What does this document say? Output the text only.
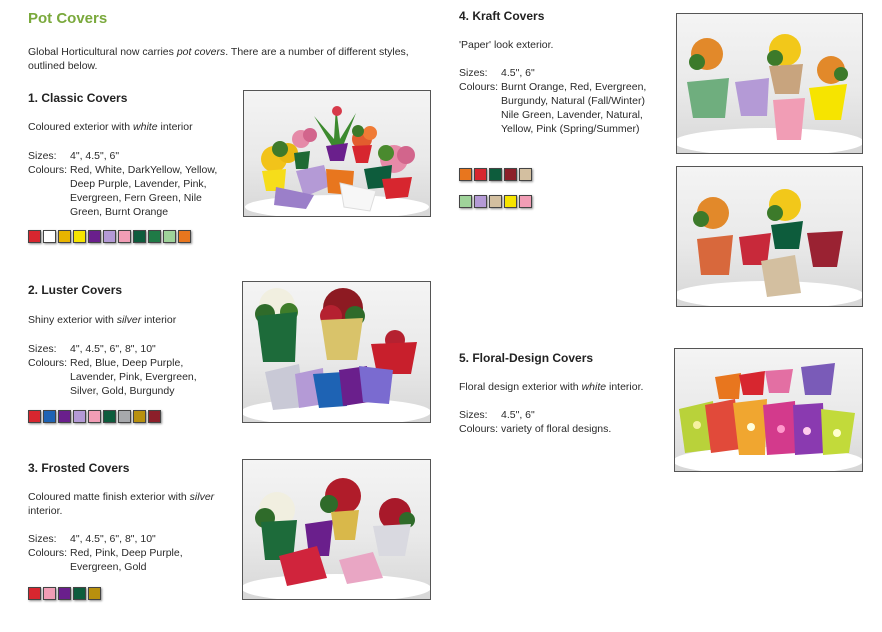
Pot Covers
Global Horticultural now carries pot covers. There are a number of different styles, outlined below.
1. Classic Covers
Coloured exterior with white interior
Sizes:	4", 4.5", 6"
Colours: Red, White, DarkYellow, Yellow, Deep Purple, Lavender, Pink, Evergreen, Fern Green, Nile Green, Burnt Orange
2. Luster Covers
Shiny exterior with silver interior
Sizes:	4", 4.5", 6", 8", 10"
Colours: Red, Blue, Deep Purple, Lavender, Pink, Evergreen, Silver, Gold, Burgundy
3. Frosted Covers
Coloured matte finish exterior with silver interior.
Sizes:	4", 4.5", 6", 8", 10"
Colours: Red, Pink, Deep Purple, Evergreen, Gold
4. Kraft Covers
'Paper' look exterior.
Sizes:	4.5", 6"
Colours: Burnt Orange, Red, Evergreen, Burgundy, Natural (Fall/Winter) Nile Green, Lavender, Natural, Yellow, Pink (Spring/Summer)
5. Floral-Design Covers
Floral design exterior with white interior.
Sizes:	4.5", 6"
Colours: variety of floral designs.
